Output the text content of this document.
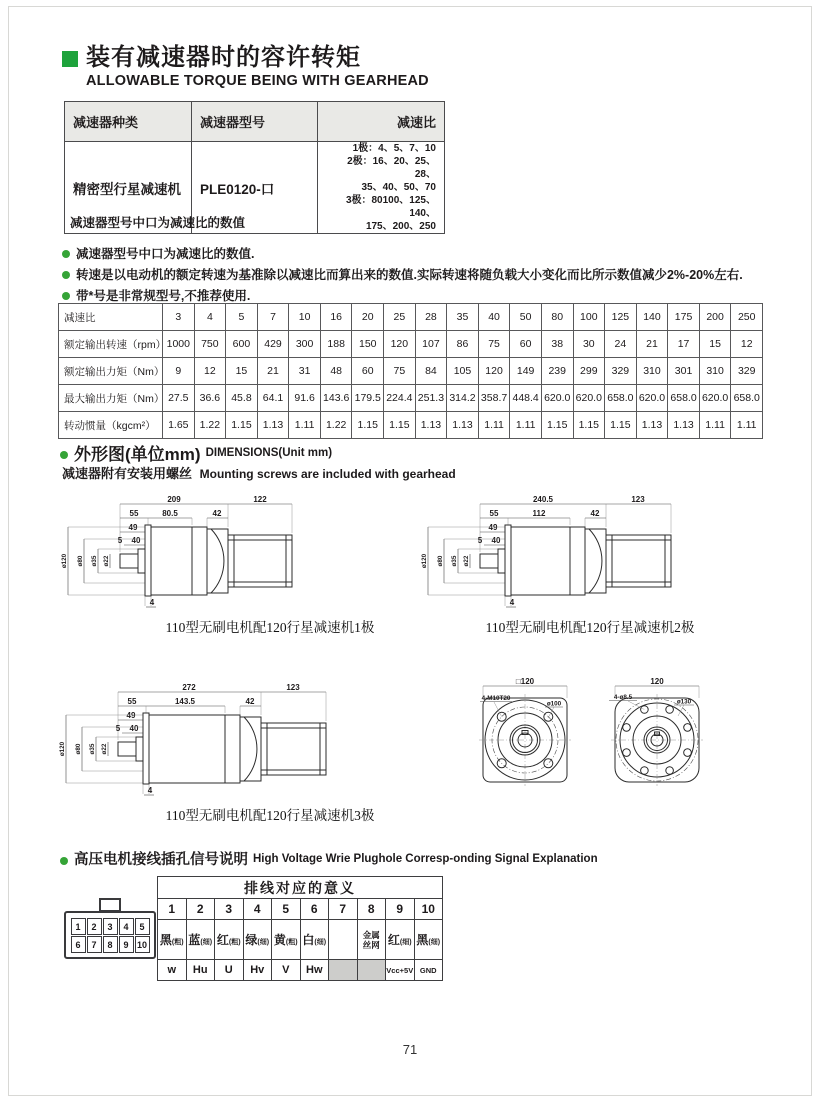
装有减速器时的容许转矩
ALLOWABLE TORQUE BEING WITH GEARHEAD
减速器种类	减速器型号	减速比
精密型行星减速机	PLE0120-口	1极：4、5、7、10
2极：16、20、25、28、
35、40、50、70
3极：80100、125、140、
175、200、250
减速器型号中口为减速比的数值
减速器型号中口为减速比的数值.
转速是以电动机的额定转速为基准除以减速比而算出来的数值.实际转速将随负载大小变化而比所示数值减少2%-20%左右.
带*号是非常规型号,不推荐使用.
减速比	3	4	5	7	10	16	20	25	28	35	40	50	80	100	125	140	175	200	250
额定输出转速（rpm）	1000	750	600	429	300	188	150	120	107	86	75	60	38	30	24	21	17	15	12
额定输出力矩（Nm）	9	12	15	21	31	48	60	75	84	105	120	149	239	299	329	310	301	310	329
最大输出力矩（Nm）	27.5	36.6	45.8	64.1	91.6	143.6	179.5	224.4	251.3	314.2	358.7	448.4	620.0	620.0	658.0	620.0	658.0	620.0	658.0
转动惯量（kgcm²）	1.65	1.22	1.15	1.13	1.11	1.22	1.15	1.15	1.13	1.13	1.11	1.11	1.15	1.15	1.15	1.13	1.13	1.11	1.11
外形图(单位mm) DIMENSIONS(Unit mm)
减速器附有安装用螺丝 Mounting screws are included with gearhead
209	122
55	80.5	42
49
5 40
ø120 ø80 ø35 ø22
4
110型无刷电机配120行星减速机1极
240.5	123
55	112	42
49
5 40
ø120 ø80 ø35 ø22
4
110型无刷电机配120行星减速机2极
272	123
55	143.5	42
49
5 40
ø120 ø80 ø35 ø22
4
110型无刷电机配120行星减速机3极
□120
4-M10T20
ø100
120
4-ø8.5
ø130
高压电机接线插孔信号说明 High Voltage Wrie Plughole Corresp-onding Signal Explanation
1	2	3	4	5
6	7	8	9 10
排线对应的意义									
1	2	3	4	5	6	7	8	9	10
黑(粗)	蓝(细)	红(粗)	绿(细)	黄(粗)	白(细)		金属丝网	红(细)	黑(细)
w	Hu	U	Hv	V	Hw			Vcc+5V	GND
71
